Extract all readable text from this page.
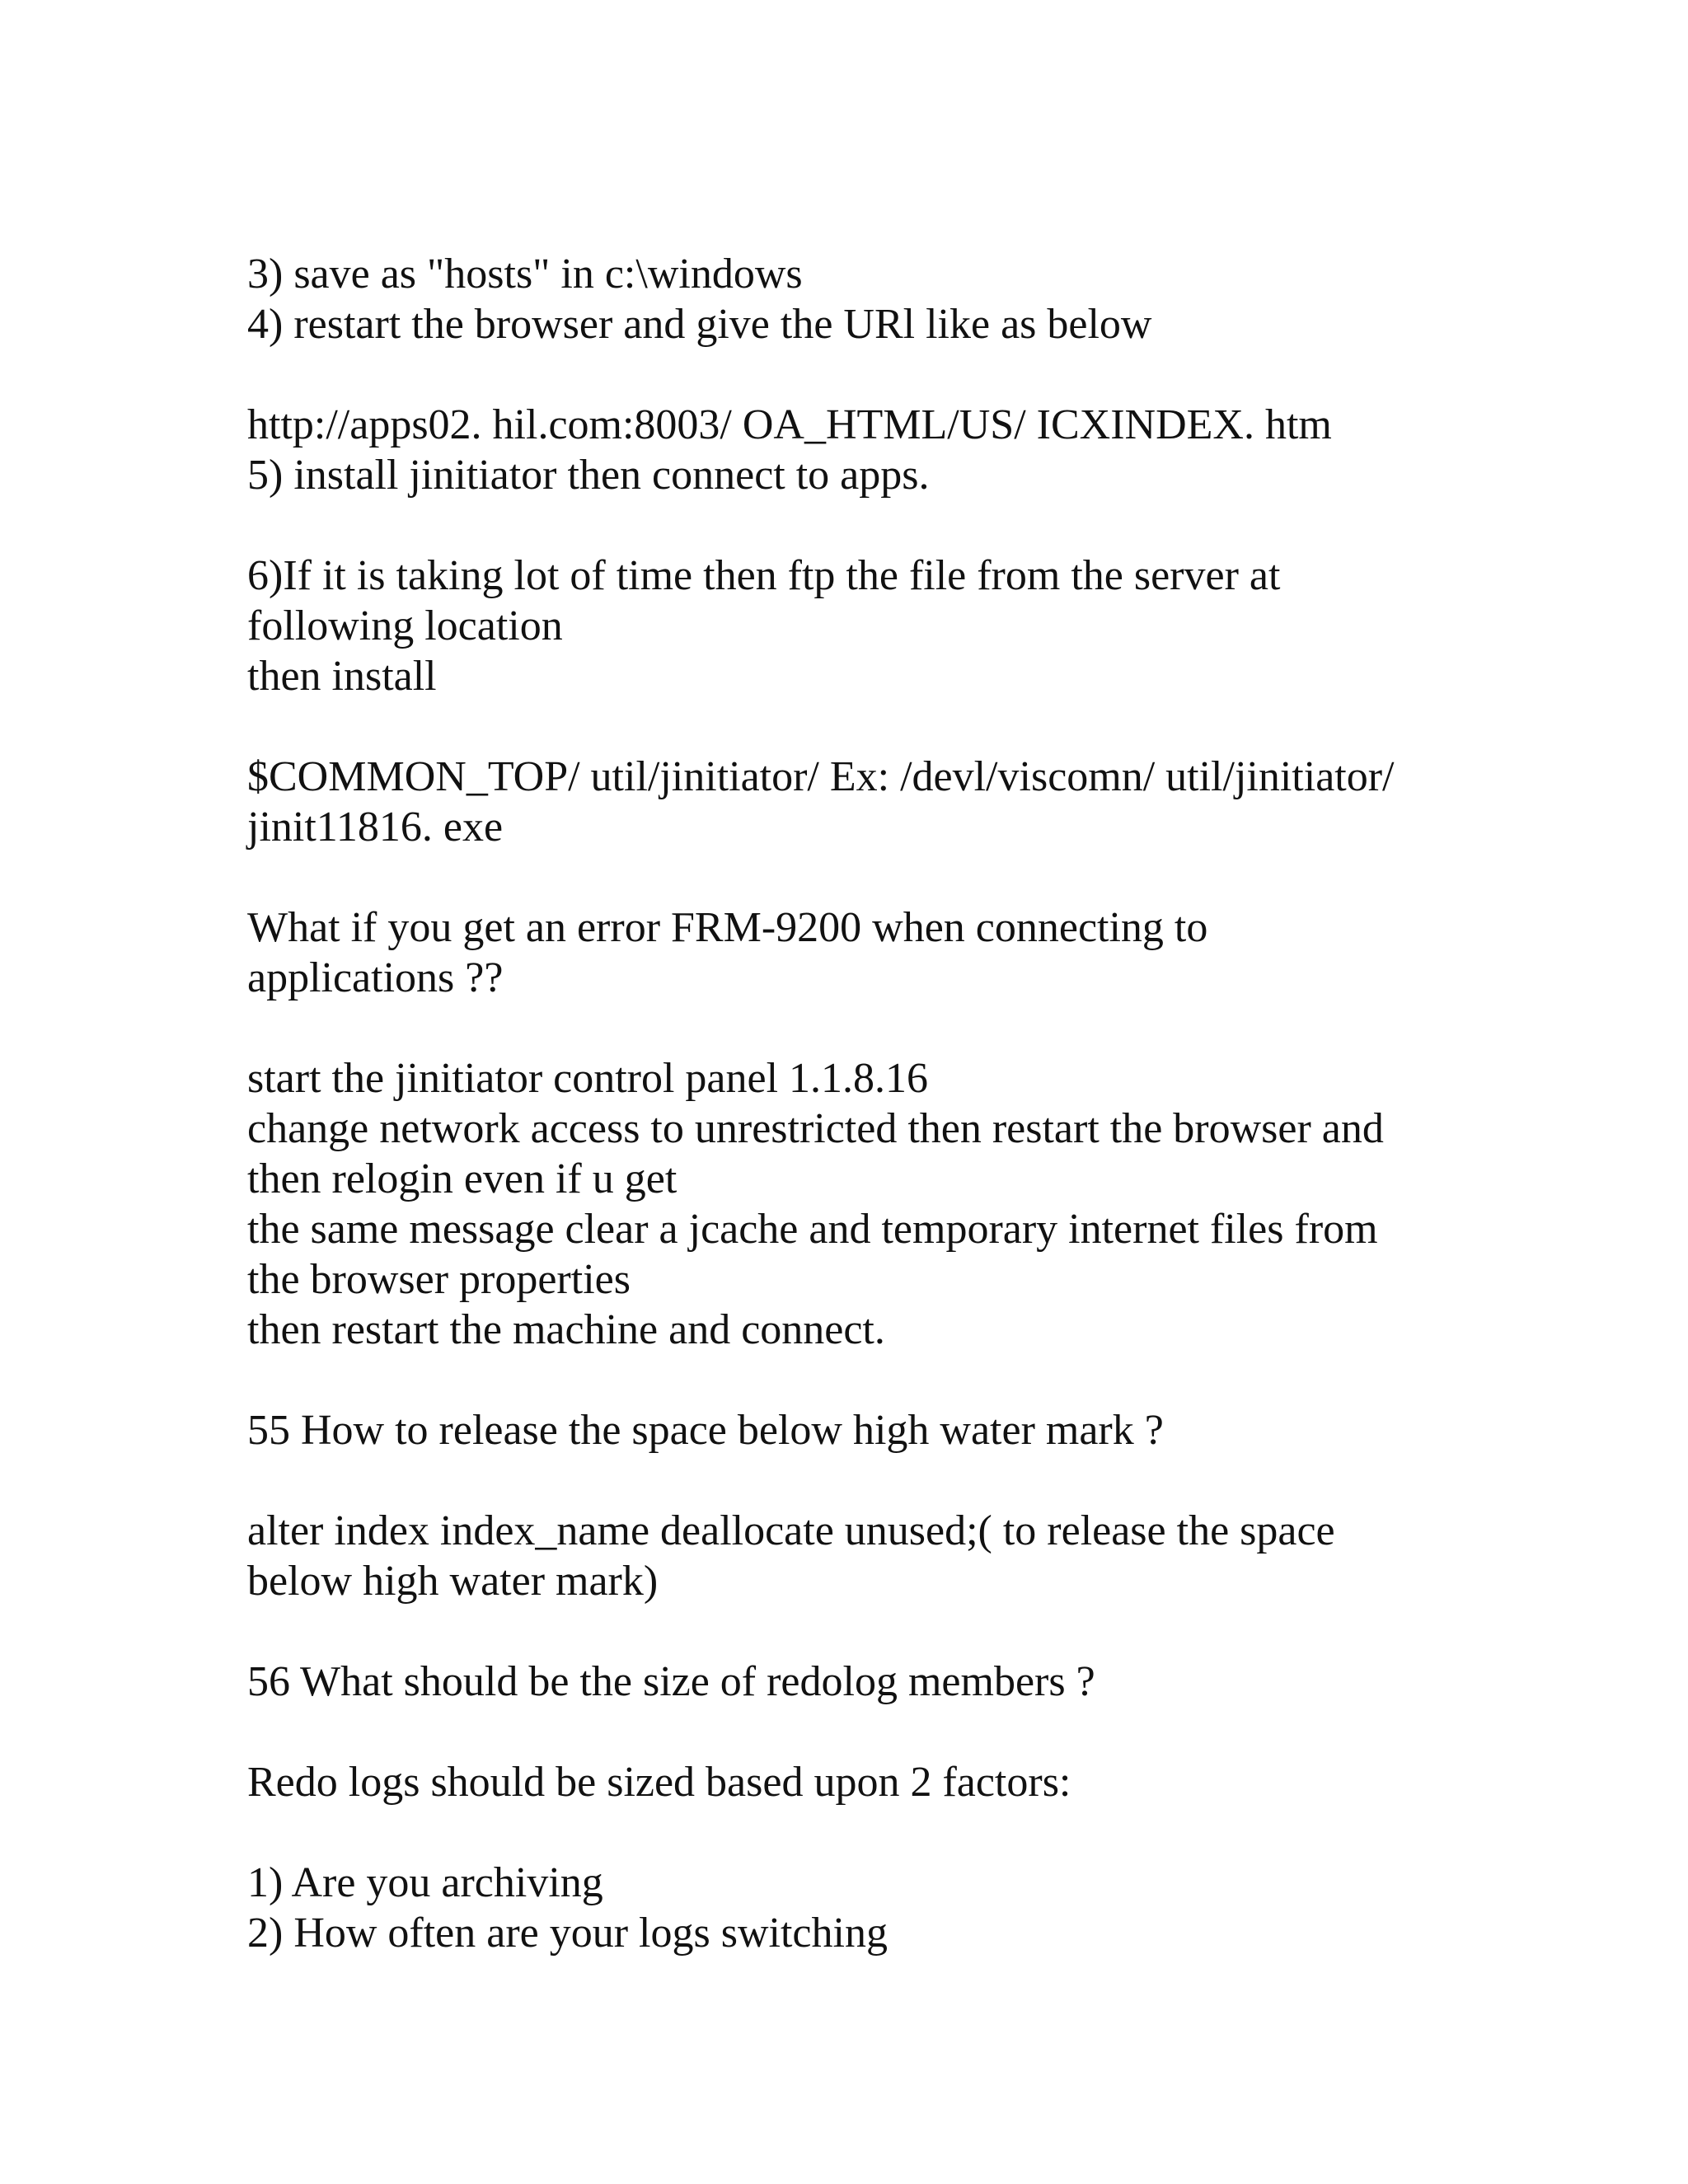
3) save as "hosts" in c:\windows
4) restart the browser and give the URl like as below
http://apps02. hil.com:8003/ OA_HTML/US/ ICXINDEX. htm
5) install jinitiator then connect to apps.
6)If it is taking lot of time then ftp the file from the server at
following location
then install
$COMMON_TOP/ util/jinitiator/ Ex: /devl/viscomn/ util/jinitiator/
jinit11816. exe
What if you get an error FRM-9200 when connecting to
applications ??
start the jinitiator control panel 1.1.8.16
change network access to unrestricted then restart the browser and
then relogin even if u get
the same message clear a jcache and temporary internet files from
the browser properties
then restart the machine and connect.
55 How to release the space below high water mark ?
alter index index_name deallocate unused;( to release the space
below high water mark)
56 What should be the size of redolog members ?
Redo logs should be sized based upon 2 factors:
1) Are you archiving
2) How often are your logs switching
